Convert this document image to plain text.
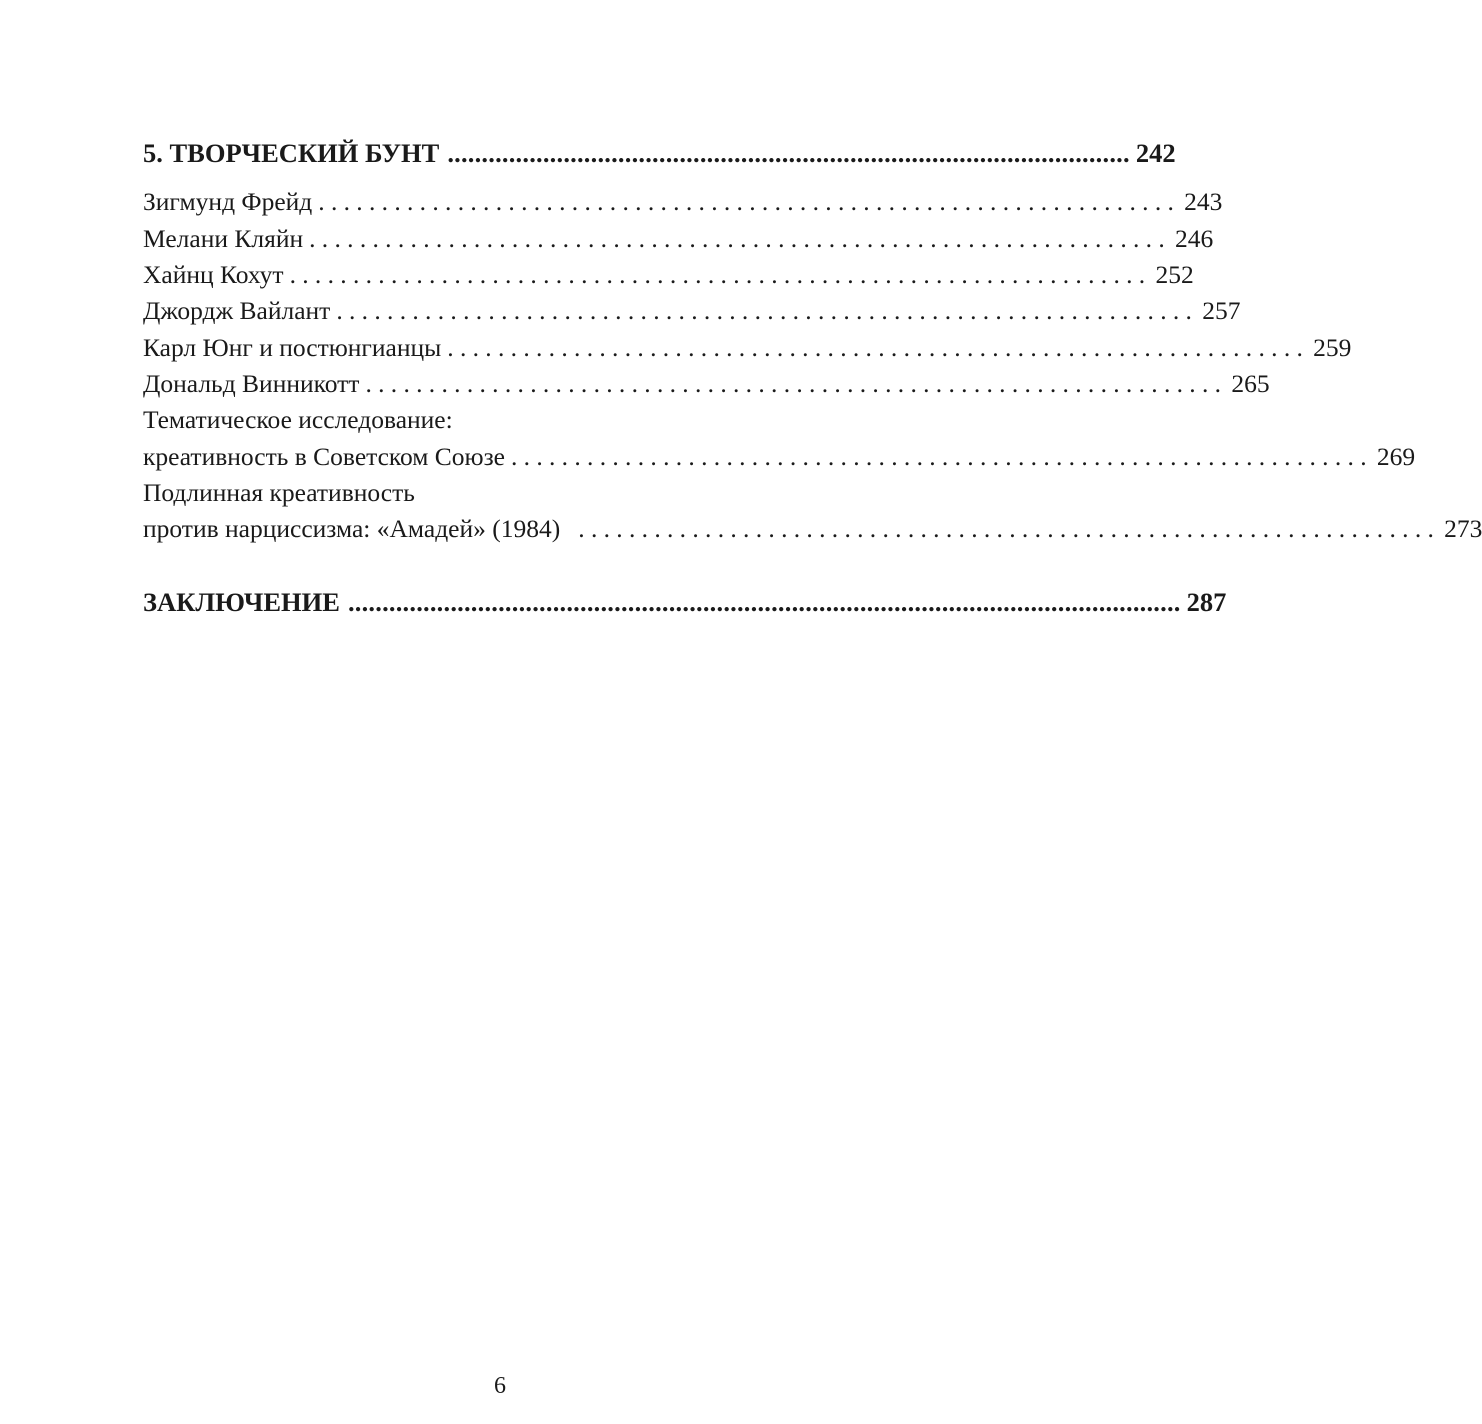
5. ТВОРЧЕСКИЙ БУНТ .................................................................................................... 242
Зигмунд Фрейд .................................................................... 243
Мелани Кляйн .................................................................... 246
Хайнц Кохут .................................................................... 252
Джордж Вайлант .................................................................... 257
Карл Юнг и постюнгианцы .................................................................... 259
Дональд Винникотт .................................................................... 265
Тематическое исследование:
креативность в Советском Союзе .................................................................... 269
Подлинная креативность
против нарциссизма: «Амадей» (1984) .................................................................... 273
ЗАКЛЮЧЕНИЕ .......................................................................................................................... 287
6
